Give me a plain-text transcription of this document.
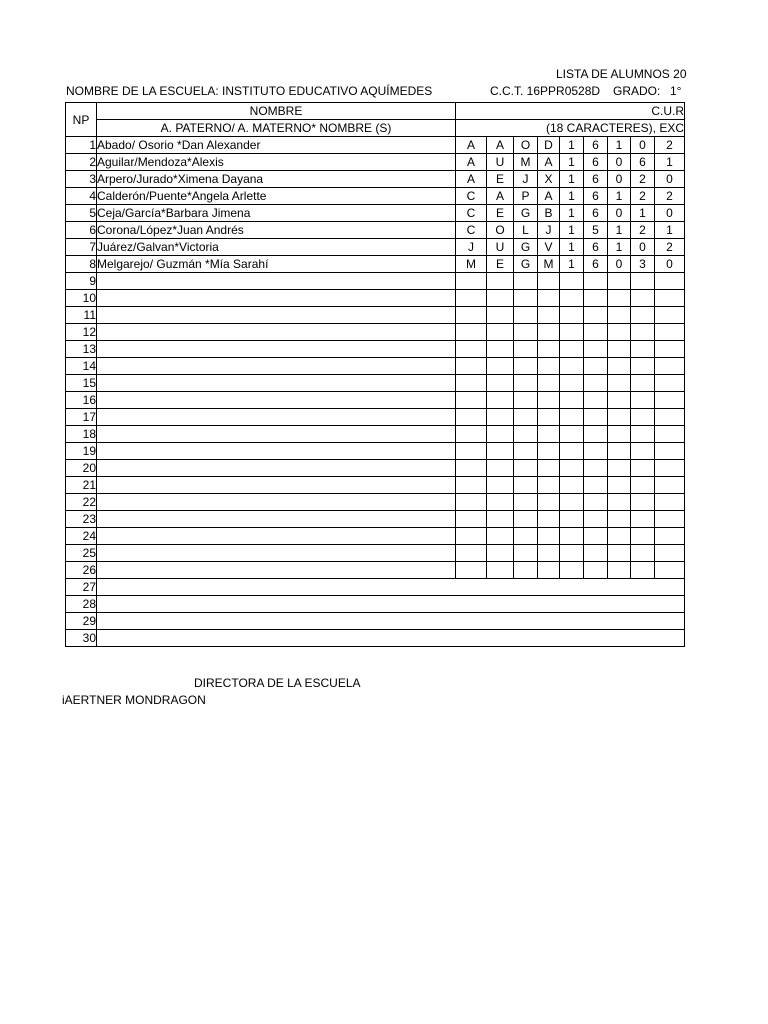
LISTA DE ALUMNOS 20
NOMBRE DE LA ESCUELA: INSTITUTO EDUCATIVO AQUÍMEDES	C.C.T. 16PPR0528D GRADO: 1°
NP	NOMBRE	C.U.R								
	A. PATERNO/ A. MATERNO* NOMBRE (S)	(18 CARACTERES), EXC								
1	Abado/ Osorio *Dan Alexander	A	A	O	D	1	6	1	0	2
2	Aguilar/Mendoza*Alexis	A	U	M	A	1	6	0	6	1
3	Arpero/Jurado*Ximena Dayana	A	E	J	X	1	6	0	2	0
4	Calderón/Puente*Angela Arlette	C	A	P	A	1	6	1	2	2
5	Ceja/García*Barbara Jimena	C	E	G	B	1	6	0	1	0
6	Corona/López*Juan Andrés	C	O	L	J	1	5	1	2	1
7	Juárez/Galvan*Victoria	J	U	G	V	1	6	1	0	2
8	Melgarejo/ Guzmán *Mía Sarahí	M	E	G	M	1	6	0	3	0
9										
10										
11										
12										
13										
14										
15										
16										
17										
18										
19										
20										
21										
22										
23										
24										
25										
26										
27										
28										
29										
30										
DIRECTORA DE LA ESCUELA
iAERTNER MONDRAGON
